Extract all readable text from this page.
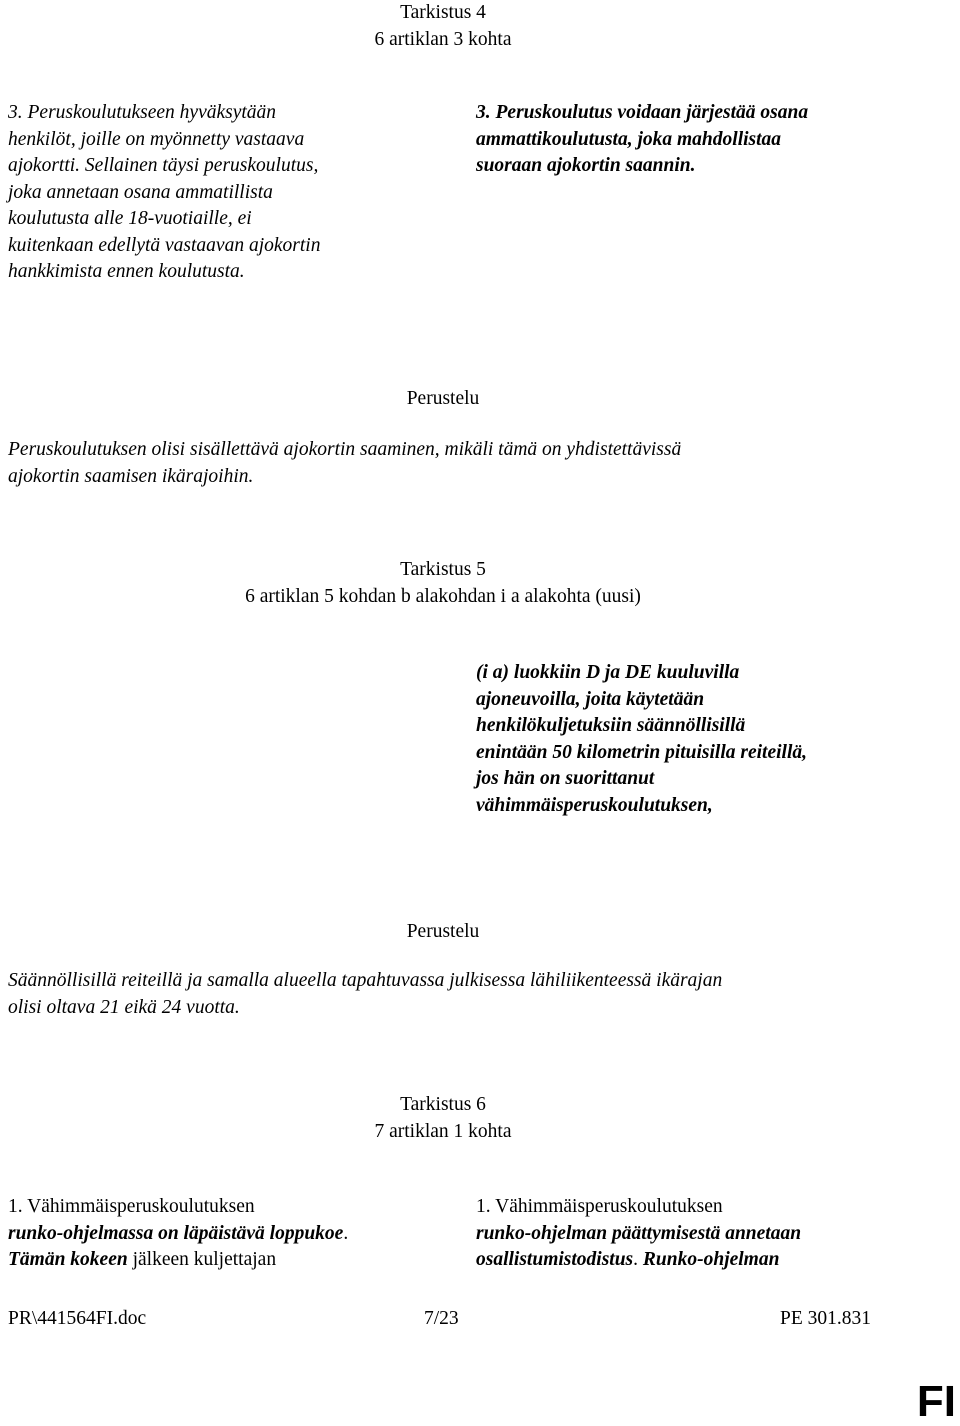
Tarkistus 4
6 artiklan 3 kohta
3. Peruskoulutukseen hyväksytään
henkilöt, joille on myönnetty vastaava
ajokortti. Sellainen täysi peruskoulutus,
joka annetaan osana ammatillista
koulutusta alle 18-vuotiaille, ei
kuitenkaan edellytä vastaavan ajokortin
hankkimista ennen koulutusta.
3. Peruskoulutus voidaan järjestää osana
ammattikoulutusta, joka mahdollistaa
suoraan ajokortin saannin.
Perustelu
Peruskoulutuksen olisi sisällettävä ajokortin saaminen, mikäli tämä on yhdistettävissä
ajokortin saamisen ikärajoihin.
Tarkistus 5
6 artiklan 5 kohdan b alakohdan i a alakohta (uusi)
(i a) luokkiin D ja DE kuuluvilla
ajoneuvoilla, joita käytetään
henkilökuljetuksiin säännöllisillä
enintään 50 kilometrin pituisilla reiteillä,
jos hän on suorittanut
vähimmäisperuskoulutuksen,
Perustelu
Säännöllisillä reiteillä ja samalla alueella tapahtuvassa julkisessa lähiliikenteessä ikärajan
olisi oltava 21 eikä 24 vuotta.
Tarkistus 6
7 artiklan 1 kohta
1. Vähimmäisperuskoulutuksen
runko-ohjelmassa on läpäistävä loppukoe.
Tämän kokeen jälkeen kuljettajan
1. Vähimmäisperuskoulutuksen
runko-ohjelman päättymisestä annetaan
osallistumistodistus. Runko-ohjelman
PR\441564FI.doc	7/23	PE 301.831
FI
